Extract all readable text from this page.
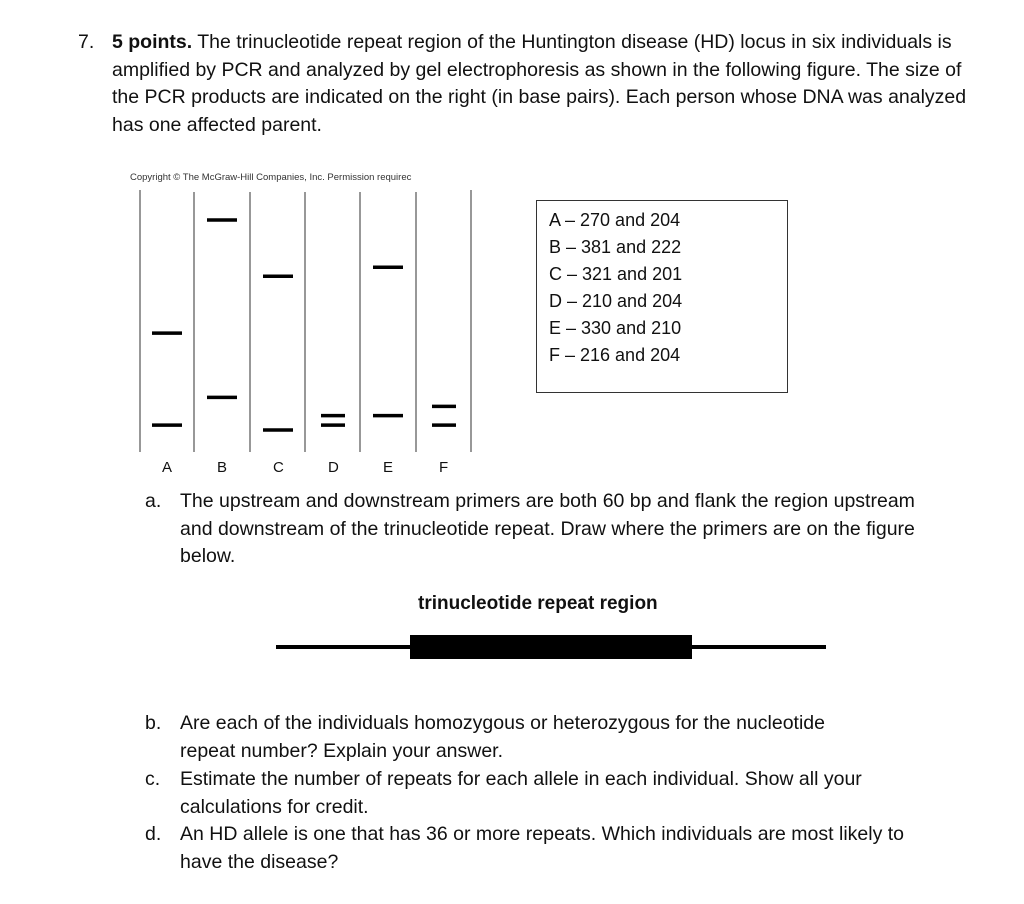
7. 5 points. The trinucleotide repeat region of the Huntington disease (HD) locus in six individuals is amplified by PCR and analyzed by gel electrophoresis as shown in the following figure. The size of the PCR products are indicated on the right (in base pairs). Each person whose DNA was analyzed has one affected parent.
Copyright © The McGraw-Hill Companies, Inc. Permission requirec
A	B	C	D	E	F
A – 270 and 204
B – 381 and 222
C – 321 and 201
D – 210 and 204
E – 330 and 210
F – 216 and 204
a. The upstream and downstream primers are both 60 bp and flank the region upstream and downstream of the trinucleotide repeat. Draw where the primers are on the figure below.
trinucleotide repeat region
b. Are each of the individuals homozygous or heterozygous for the nucleotide repeat number? Explain your answer.
c. Estimate the number of repeats for each allele in each individual. Show all your calculations for credit.
d. An HD allele is one that has 36 or more repeats. Which individuals are most likely to have the disease?
